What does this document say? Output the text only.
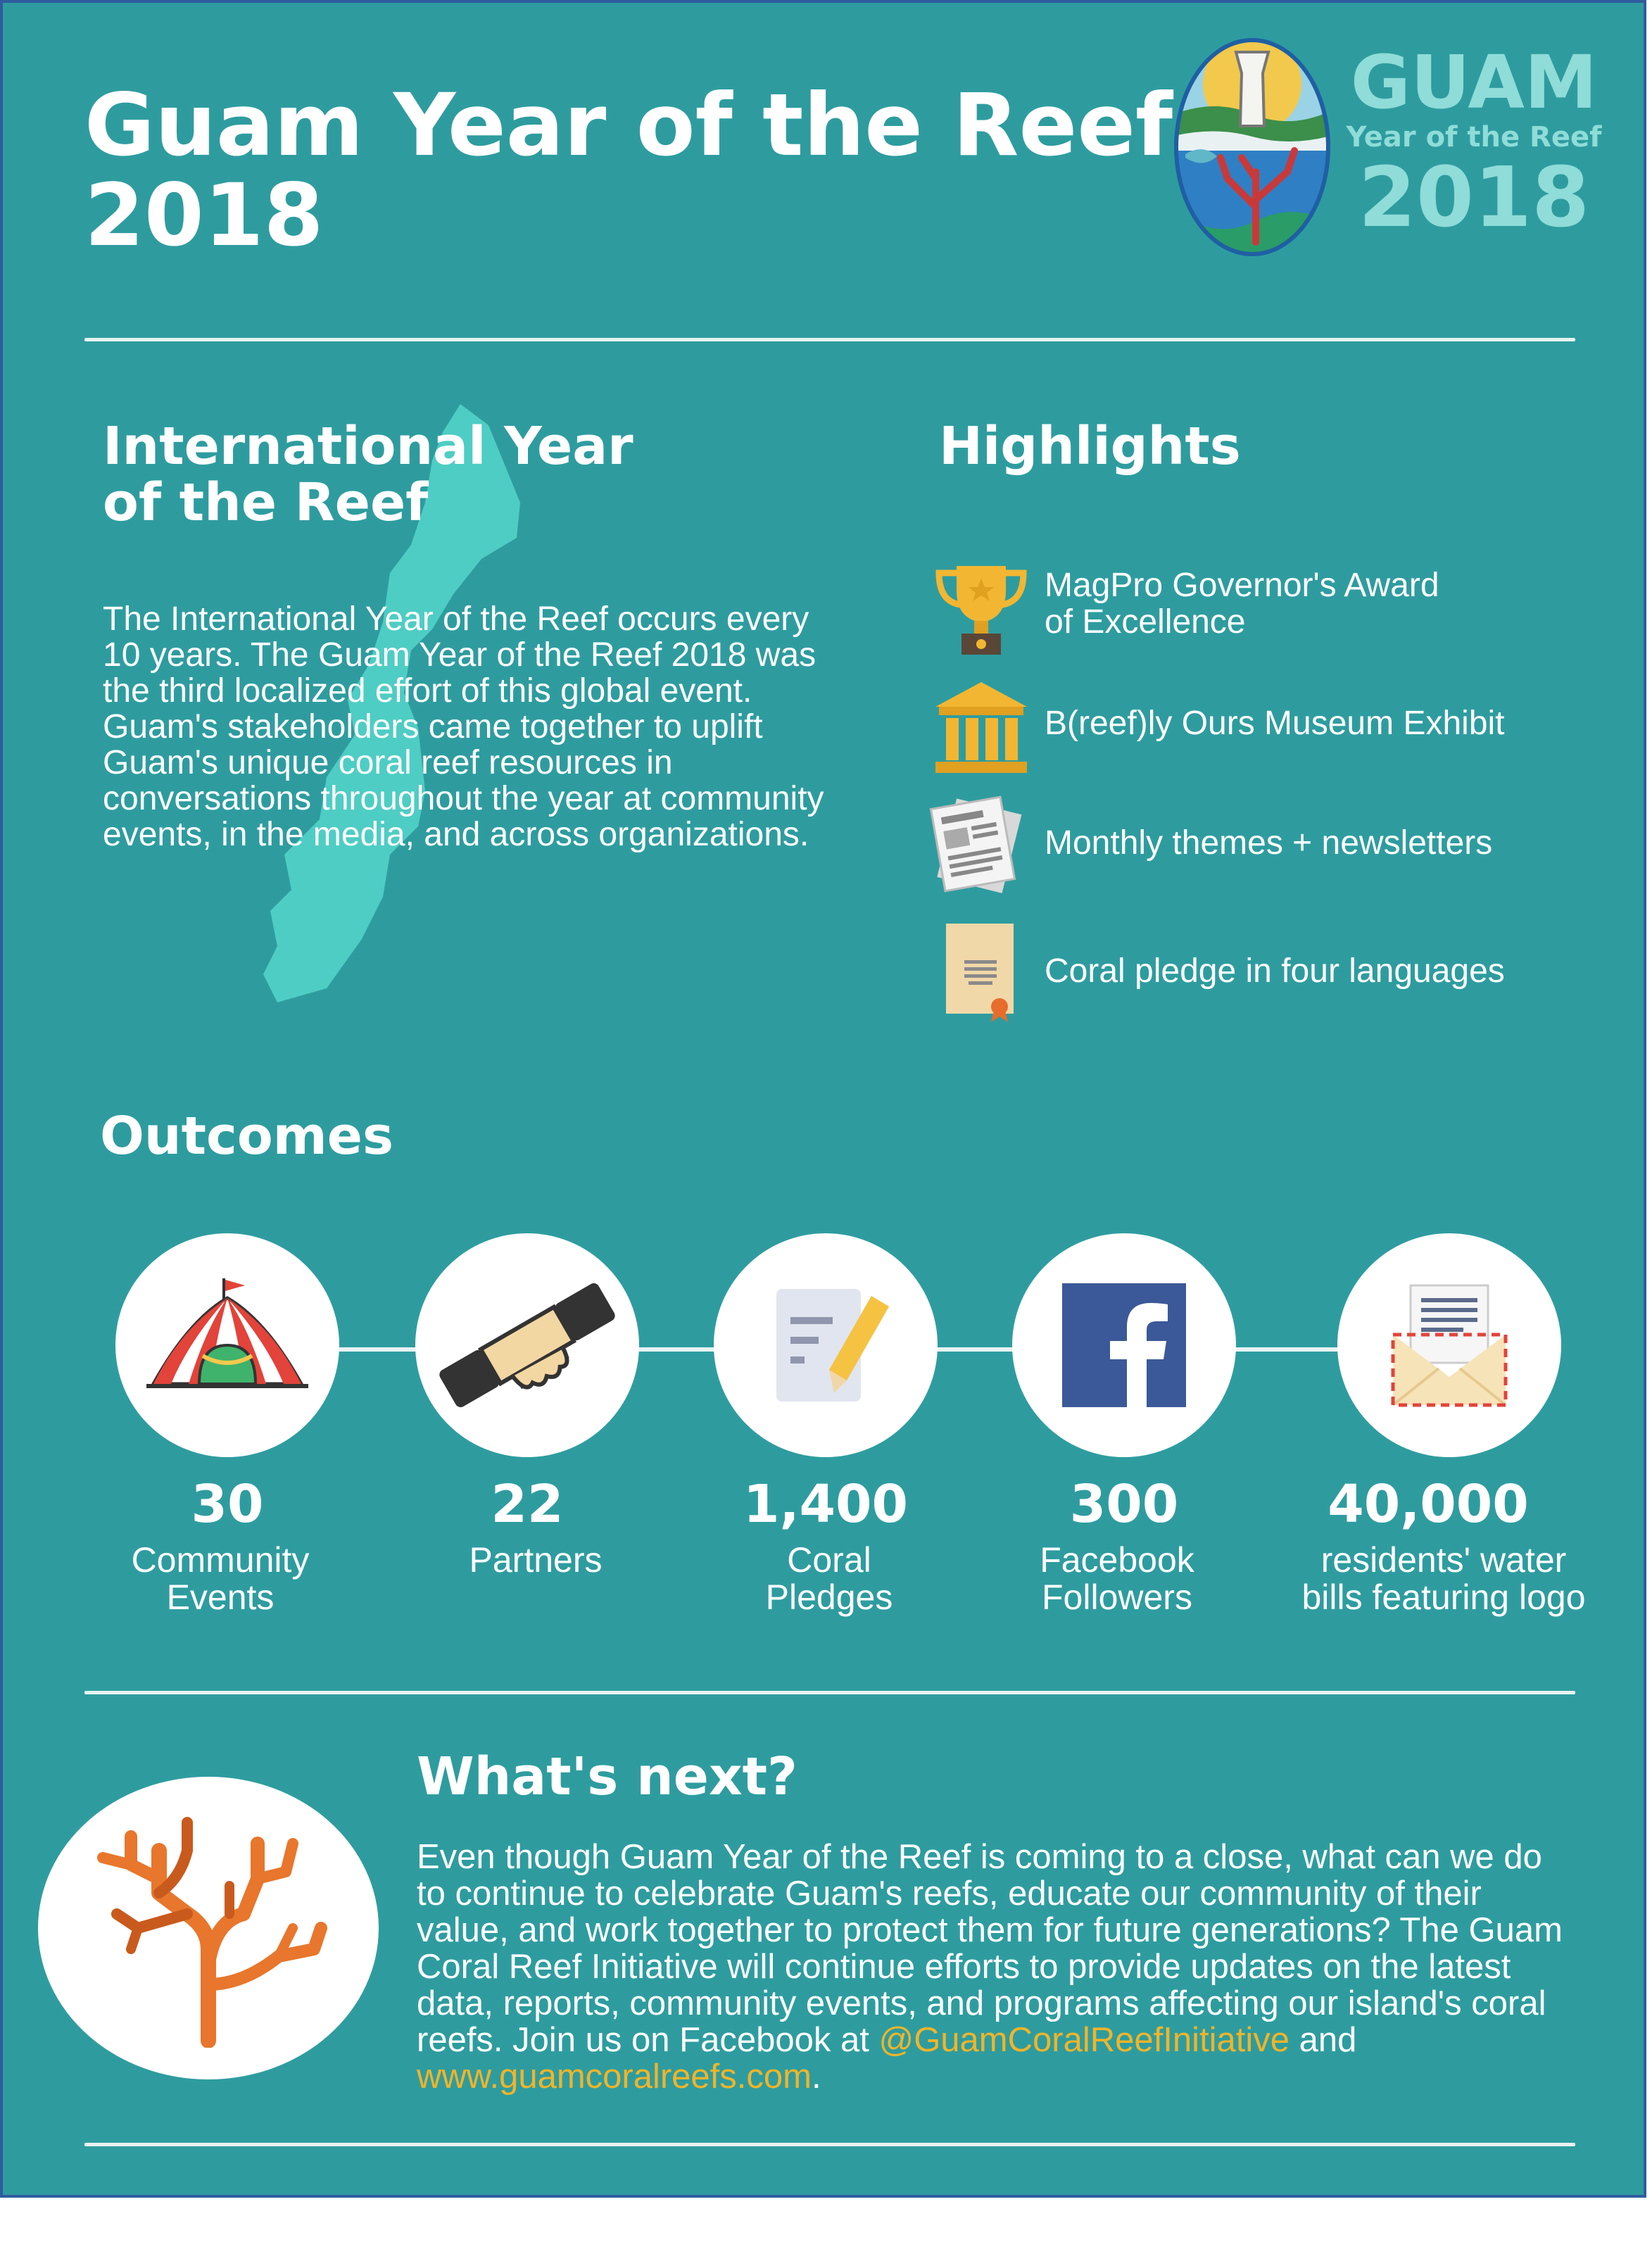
Guam Year of the Reef
2018
GUAM
Year of the Reef
2018
International Year
of the Reef

The International Year of the Reef occurs every 10 years. The Guam Year of the Reef 2018 was the third localized effort of this global event. Guam's stakeholders came together to uplift Guam's unique coral reef resources in conversations throughout the year at community events, in the media, and across organizations.

Highlights
MagPro Governor's Award
of Excellence
B(reef)ly Ours Museum Exhibit
Monthly themes + newsletters
Coral pledge in four languages
Outcomes
30
Community
Events
22
Partners
1,400
Coral
Pledges
300
Facebook
Followers
40,000
residents' water
bills featuring logo
What's next?

Even though Guam Year of the Reef is coming to a close, what can we do to continue to celebrate Guam's reefs, educate our community of their value, and work together to protect them for future generations? The Guam Coral Reef Initiative will continue efforts to provide updates on the latest data, reports, community events, and programs affecting our island's coral reefs. Join us on Facebook at @GuamCoralReefInitiative and www.guamcoralreefs.com.
